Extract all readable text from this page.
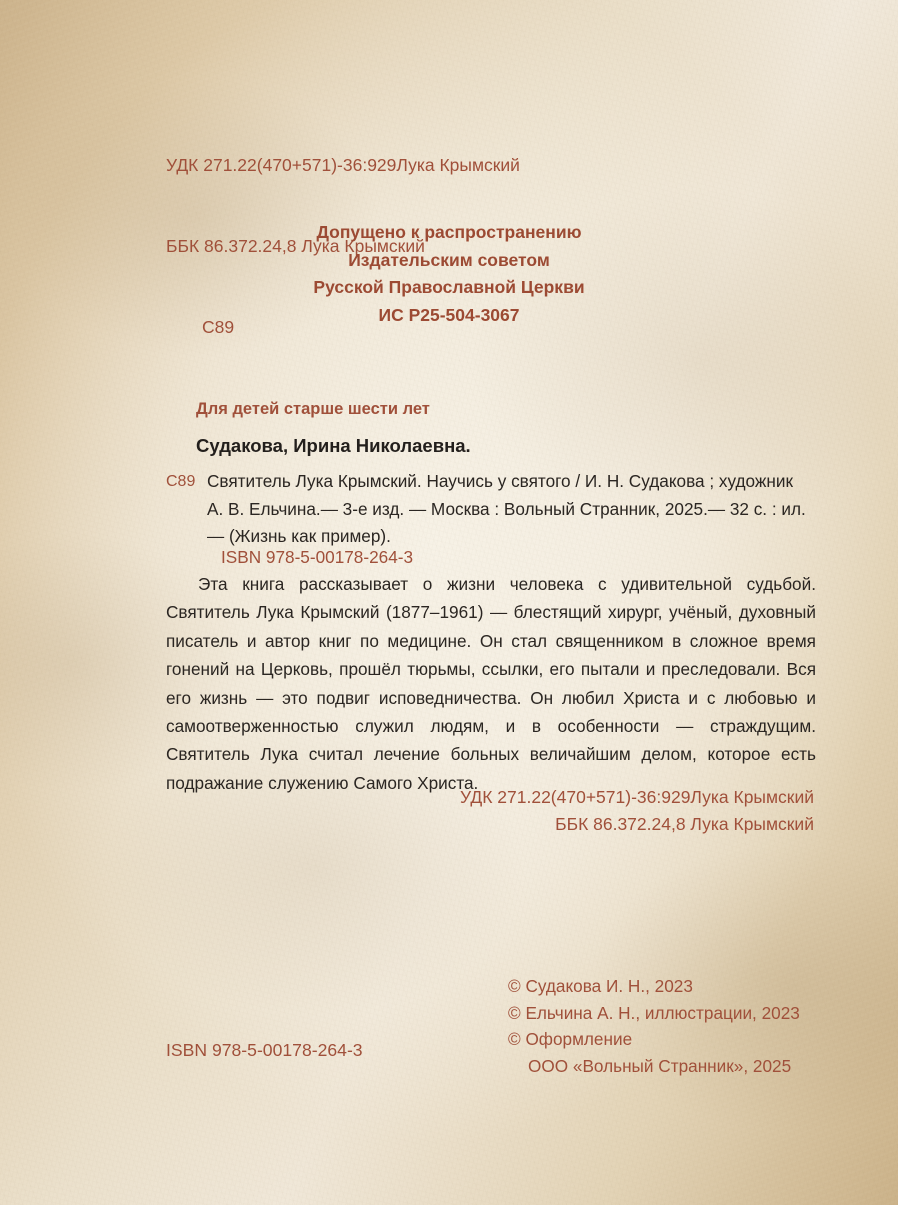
УДК 271.22(470+571)-36:929Лука Крымский

ББК 86.372.24,8 Лука Крымский

С89

Допущено к распространению
Издательским советом
Русской Православной Церкви
ИС Р25-504-3067
Для детей старше шести лет
Судакова, Ирина Николаевна.
С89 Святитель Лука Крымский. Научись у святого / И. Н. Судакова ; художник А. В. Ельчина.— 3-е изд. — Москва : Вольный Странник, 2025.— 32 с. : ил.— (Жизнь как пример).

ISBN 978-5-00178-264-3

Эта книга рассказывает о жизни человека с удивительной судьбой. Святитель Лука Крымский (1877–1961) — блестящий хирург, учёный, духовный писатель и автор книг по медицине. Он стал священником в сложное время гонений на Церковь, прошёл тюрьмы, ссылки, его пытали и преследовали. Вся его жизнь — это подвиг исповедничества. Он любил Христа и с любовью и самоотверженностью служил людям, и в особенности — страждущим. Святитель Лука считал лечение больных величайшим делом, которое есть подражание служению Самого Христа.

УДК 271.22(470+571)-36:929Лука Крымский
ББК 86.372.24,8 Лука Крымский
© Судакова И. Н., 2023
© Ельчина А. Н., иллюстрации, 2023
© Оформление
ООО «Вольный Странник», 2025
ISBN 978-5-00178-264-3
